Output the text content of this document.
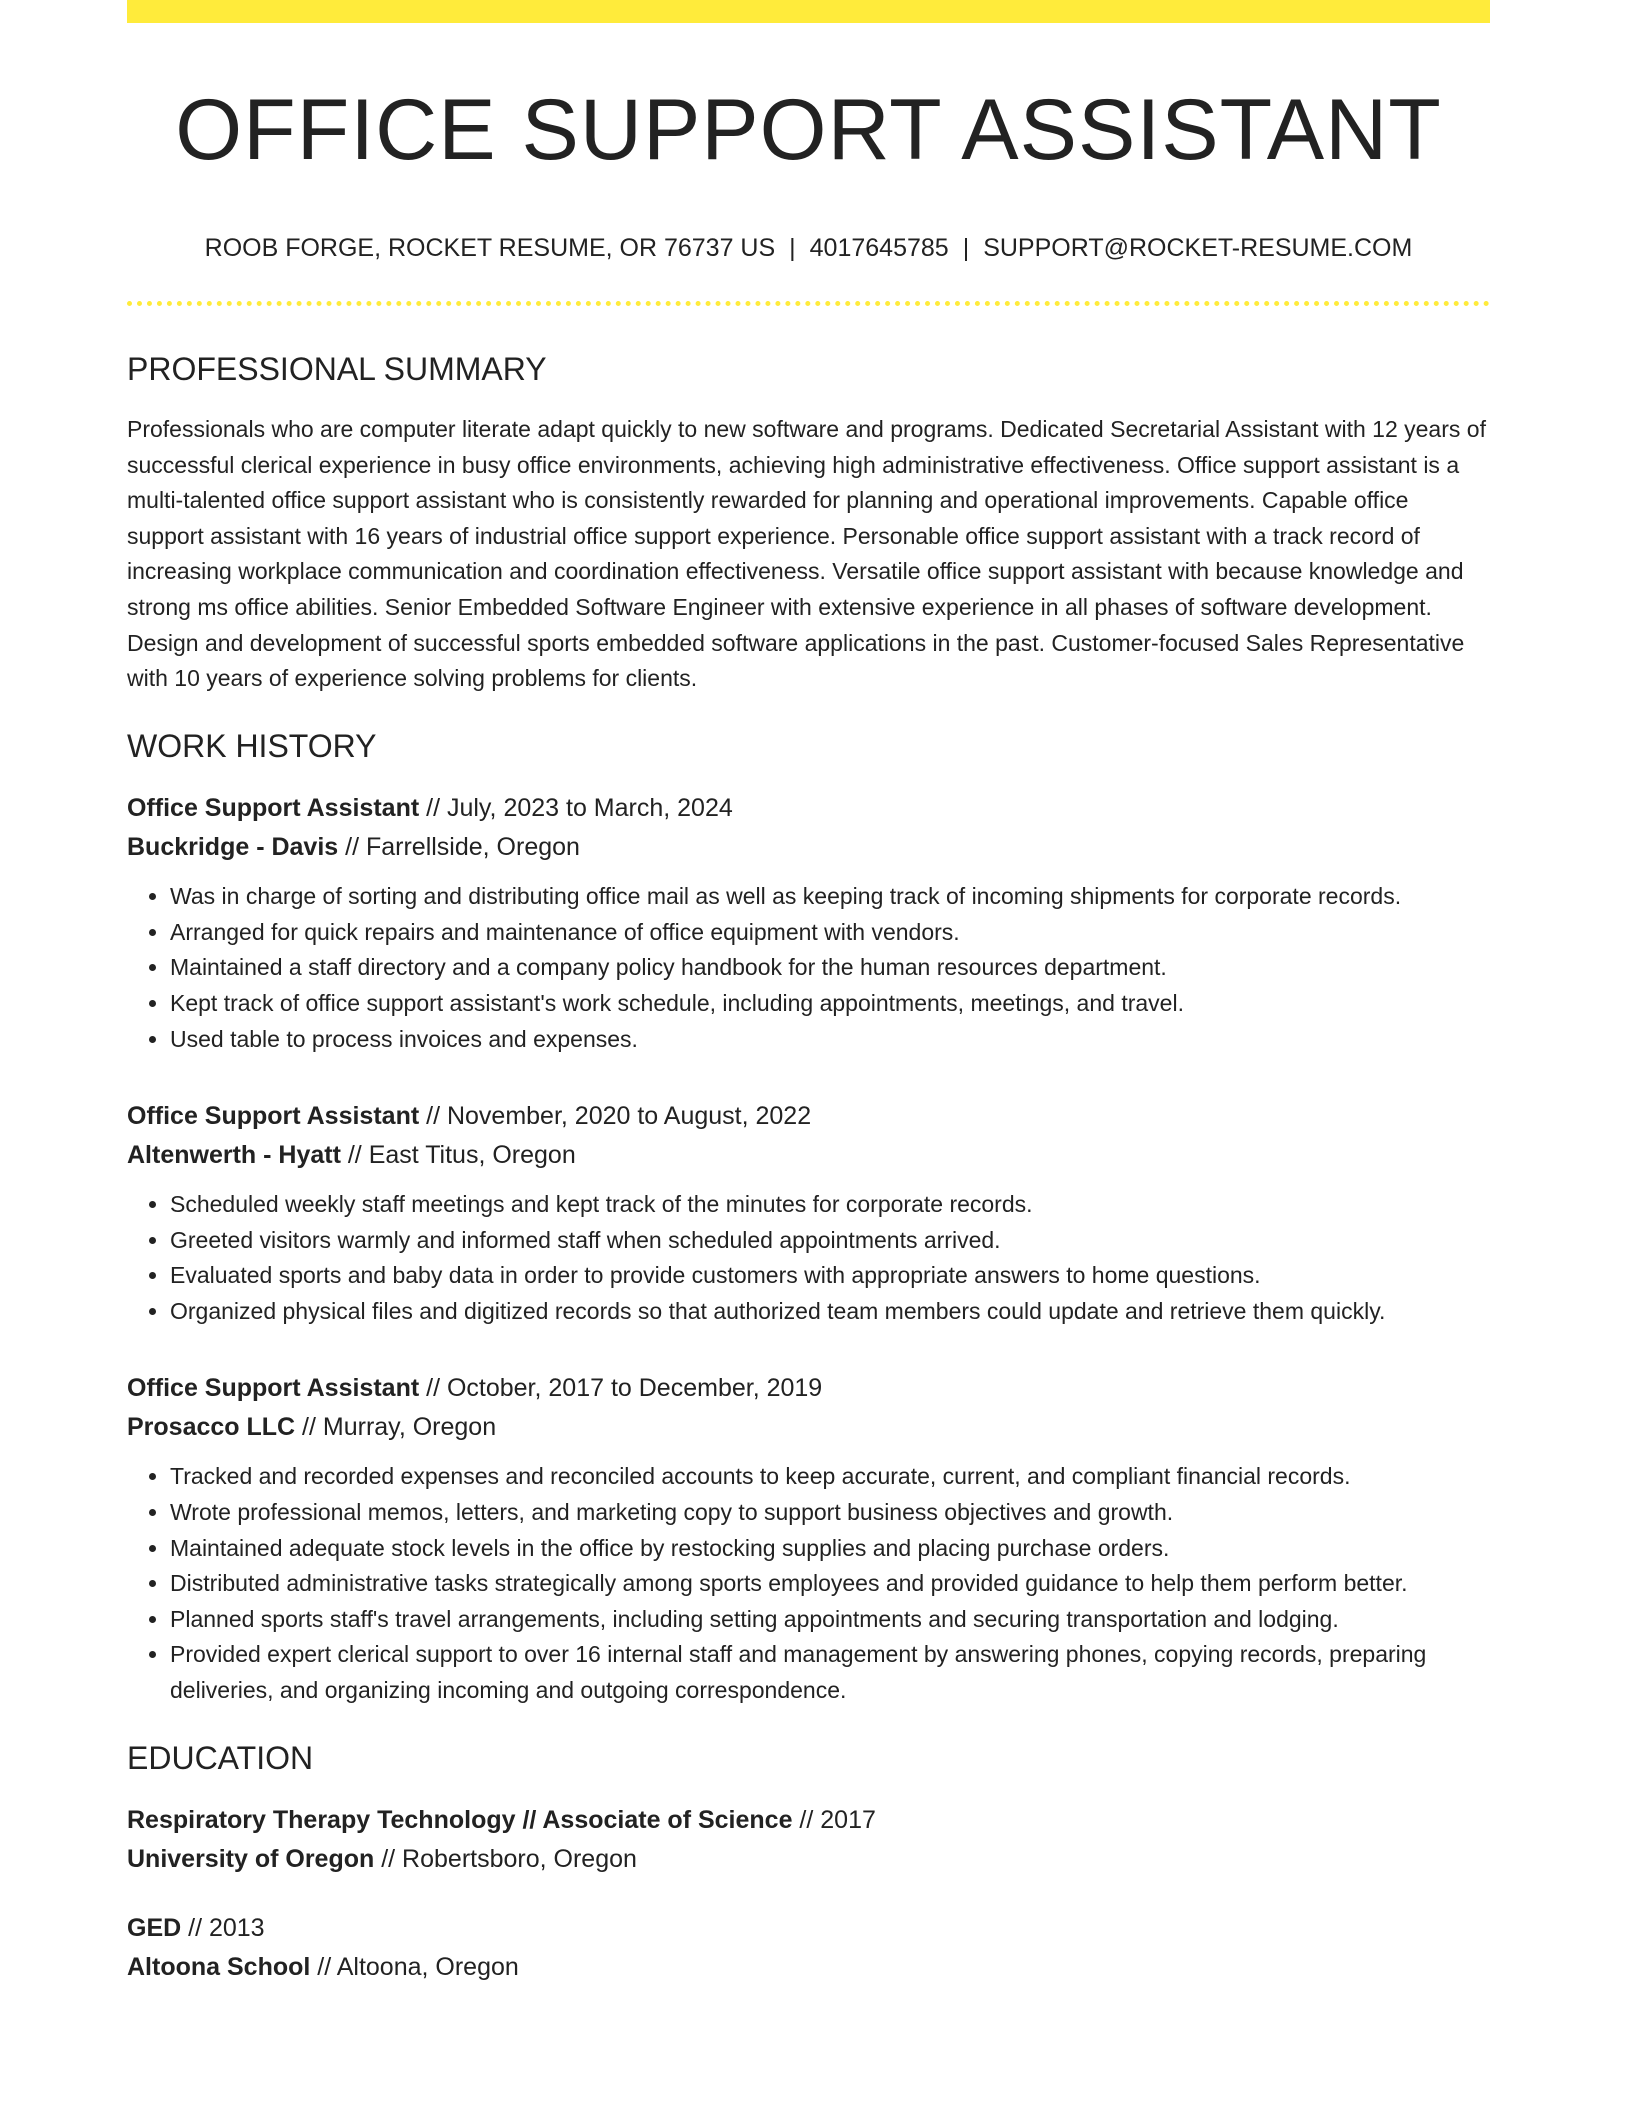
OFFICE SUPPORT ASSISTANT
ROOB FORGE, ROCKET RESUME, OR 76737 US | 4017645785 | SUPPORT@ROCKET-RESUME.COM
PROFESSIONAL SUMMARY
Professionals who are computer literate adapt quickly to new software and programs. Dedicated Secretarial Assistant with 12 years of successful clerical experience in busy office environments, achieving high administrative effectiveness. Office support assistant is a multi-talented office support assistant who is consistently rewarded for planning and operational improvements. Capable office support assistant with 16 years of industrial office support experience. Personable office support assistant with a track record of increasing workplace communication and coordination effectiveness. Versatile office support assistant with because knowledge and strong ms office abilities. Senior Embedded Software Engineer with extensive experience in all phases of software development. Design and development of successful sports embedded software applications in the past. Customer-focused Sales Representative with 10 years of experience solving problems for clients.
WORK HISTORY
Office Support Assistant // July, 2023 to March, 2024
Buckridge - Davis // Farrellside, Oregon
• Was in charge of sorting and distributing office mail as well as keeping track of incoming shipments for corporate records.
• Arranged for quick repairs and maintenance of office equipment with vendors.
• Maintained a staff directory and a company policy handbook for the human resources department.
• Kept track of office support assistant's work schedule, including appointments, meetings, and travel.
• Used table to process invoices and expenses.
Office Support Assistant // November, 2020 to August, 2022
Altenwerth - Hyatt // East Titus, Oregon
• Scheduled weekly staff meetings and kept track of the minutes for corporate records.
• Greeted visitors warmly and informed staff when scheduled appointments arrived.
• Evaluated sports and baby data in order to provide customers with appropriate answers to home questions.
• Organized physical files and digitized records so that authorized team members could update and retrieve them quickly.
Office Support Assistant // October, 2017 to December, 2019
Prosacco LLC // Murray, Oregon
• Tracked and recorded expenses and reconciled accounts to keep accurate, current, and compliant financial records.
• Wrote professional memos, letters, and marketing copy to support business objectives and growth.
• Maintained adequate stock levels in the office by restocking supplies and placing purchase orders.
• Distributed administrative tasks strategically among sports employees and provided guidance to help them perform better.
• Planned sports staff's travel arrangements, including setting appointments and securing transportation and lodging.
• Provided expert clerical support to over 16 internal staff and management by answering phones, copying records, preparing deliveries, and organizing incoming and outgoing correspondence.
EDUCATION
Respiratory Therapy Technology // Associate of Science // 2017
University of Oregon // Robertsboro, Oregon
GED // 2013
Altoona School // Altoona, Oregon
